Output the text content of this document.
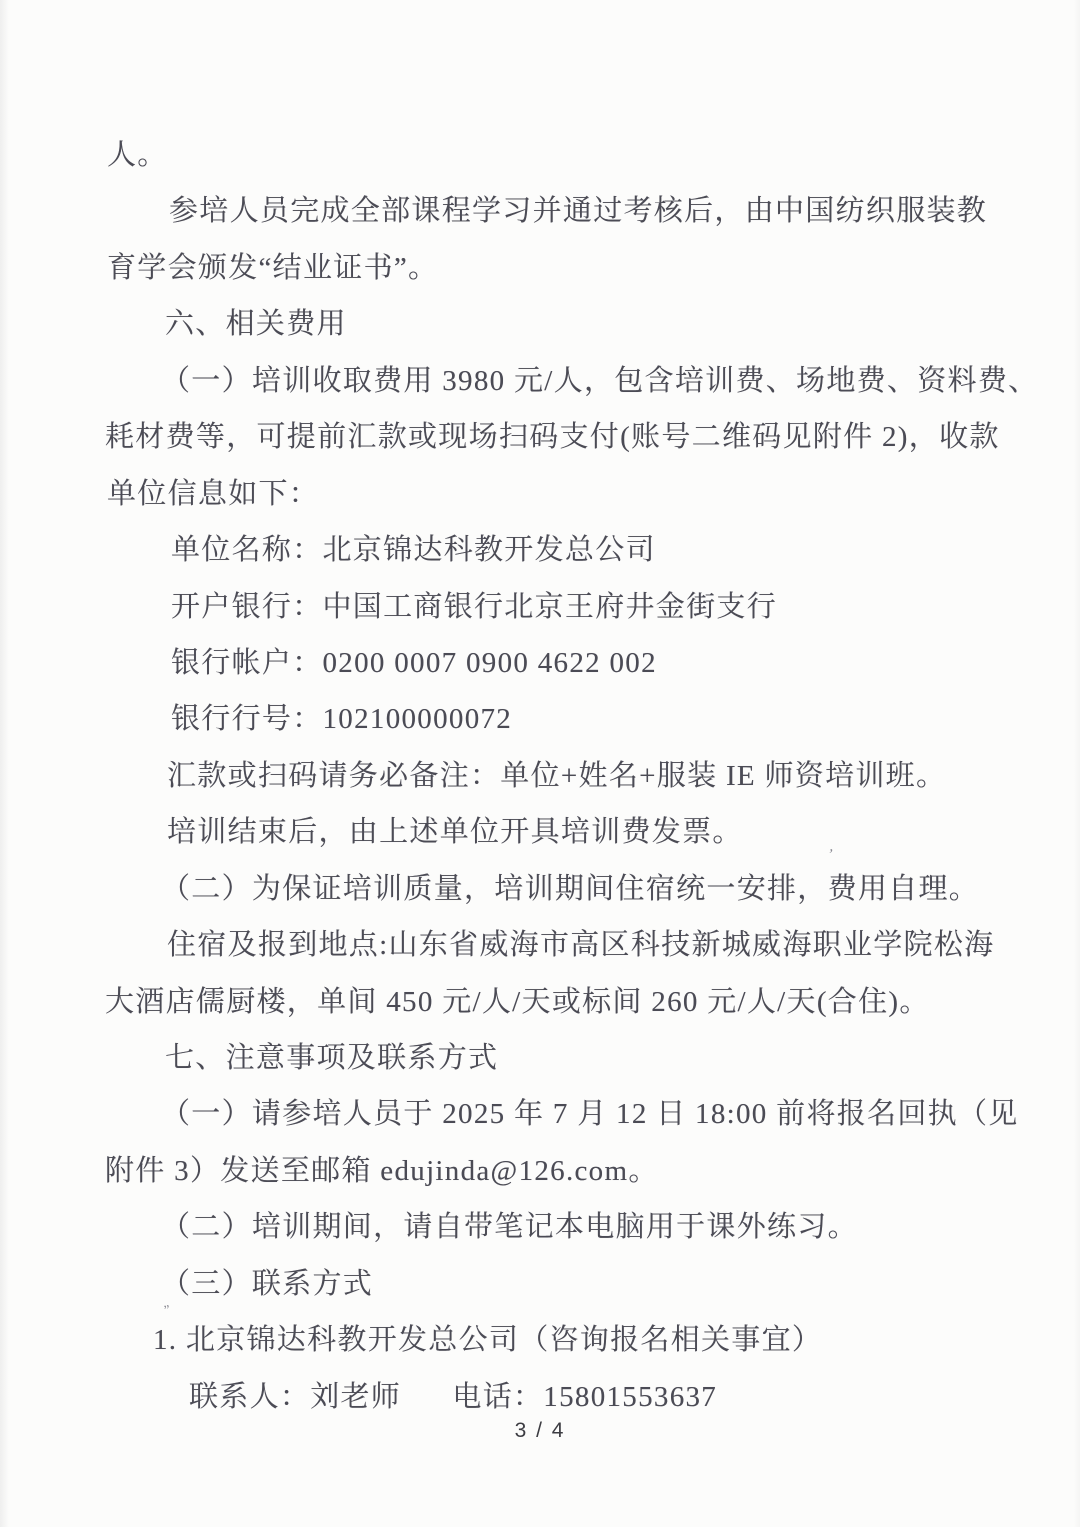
人。
参培人员完成全部课程学习并通过考核后，由中国纺织服装教
育学会颁发“结业证书”。
六、相关费用
（一）培训收取费用 3980 元/人，包含培训费、场地费、资料费、
耗材费等，可提前汇款或现场扫码支付(账号二维码见附件 2)，收款
单位信息如下：
单位名称：北京锦达科教开发总公司
开户银行：中国工商银行北京王府井金街支行
银行帐户：0200 0007 0900 4622 002
银行行号：102100000072
汇款或扫码请务必备注：单位+姓名+服装 IE 师资培训班。
培训结束后，由上述单位开具培训费发票。
（二）为保证培训质量，培训期间住宿统一安排，费用自理。
住宿及报到地点:山东省威海市高区科技新城威海职业学院松海
大酒店儒厨楼，单间 450 元/人/天或标间 260 元/人/天(合住)。
七、注意事项及联系方式
（一）请参培人员于 2025 年 7 月 12 日 18:00 前将报名回执（见
附件 3）发送至邮箱 edujinda@126.com。
（二）培训期间，请自带笔记本电脑用于课外练习。
（三）联系方式
1. 北京锦达科教开发总公司（咨询报名相关事宜）
联系人：刘老师      电话：15801553637
’
”
3 / 4
